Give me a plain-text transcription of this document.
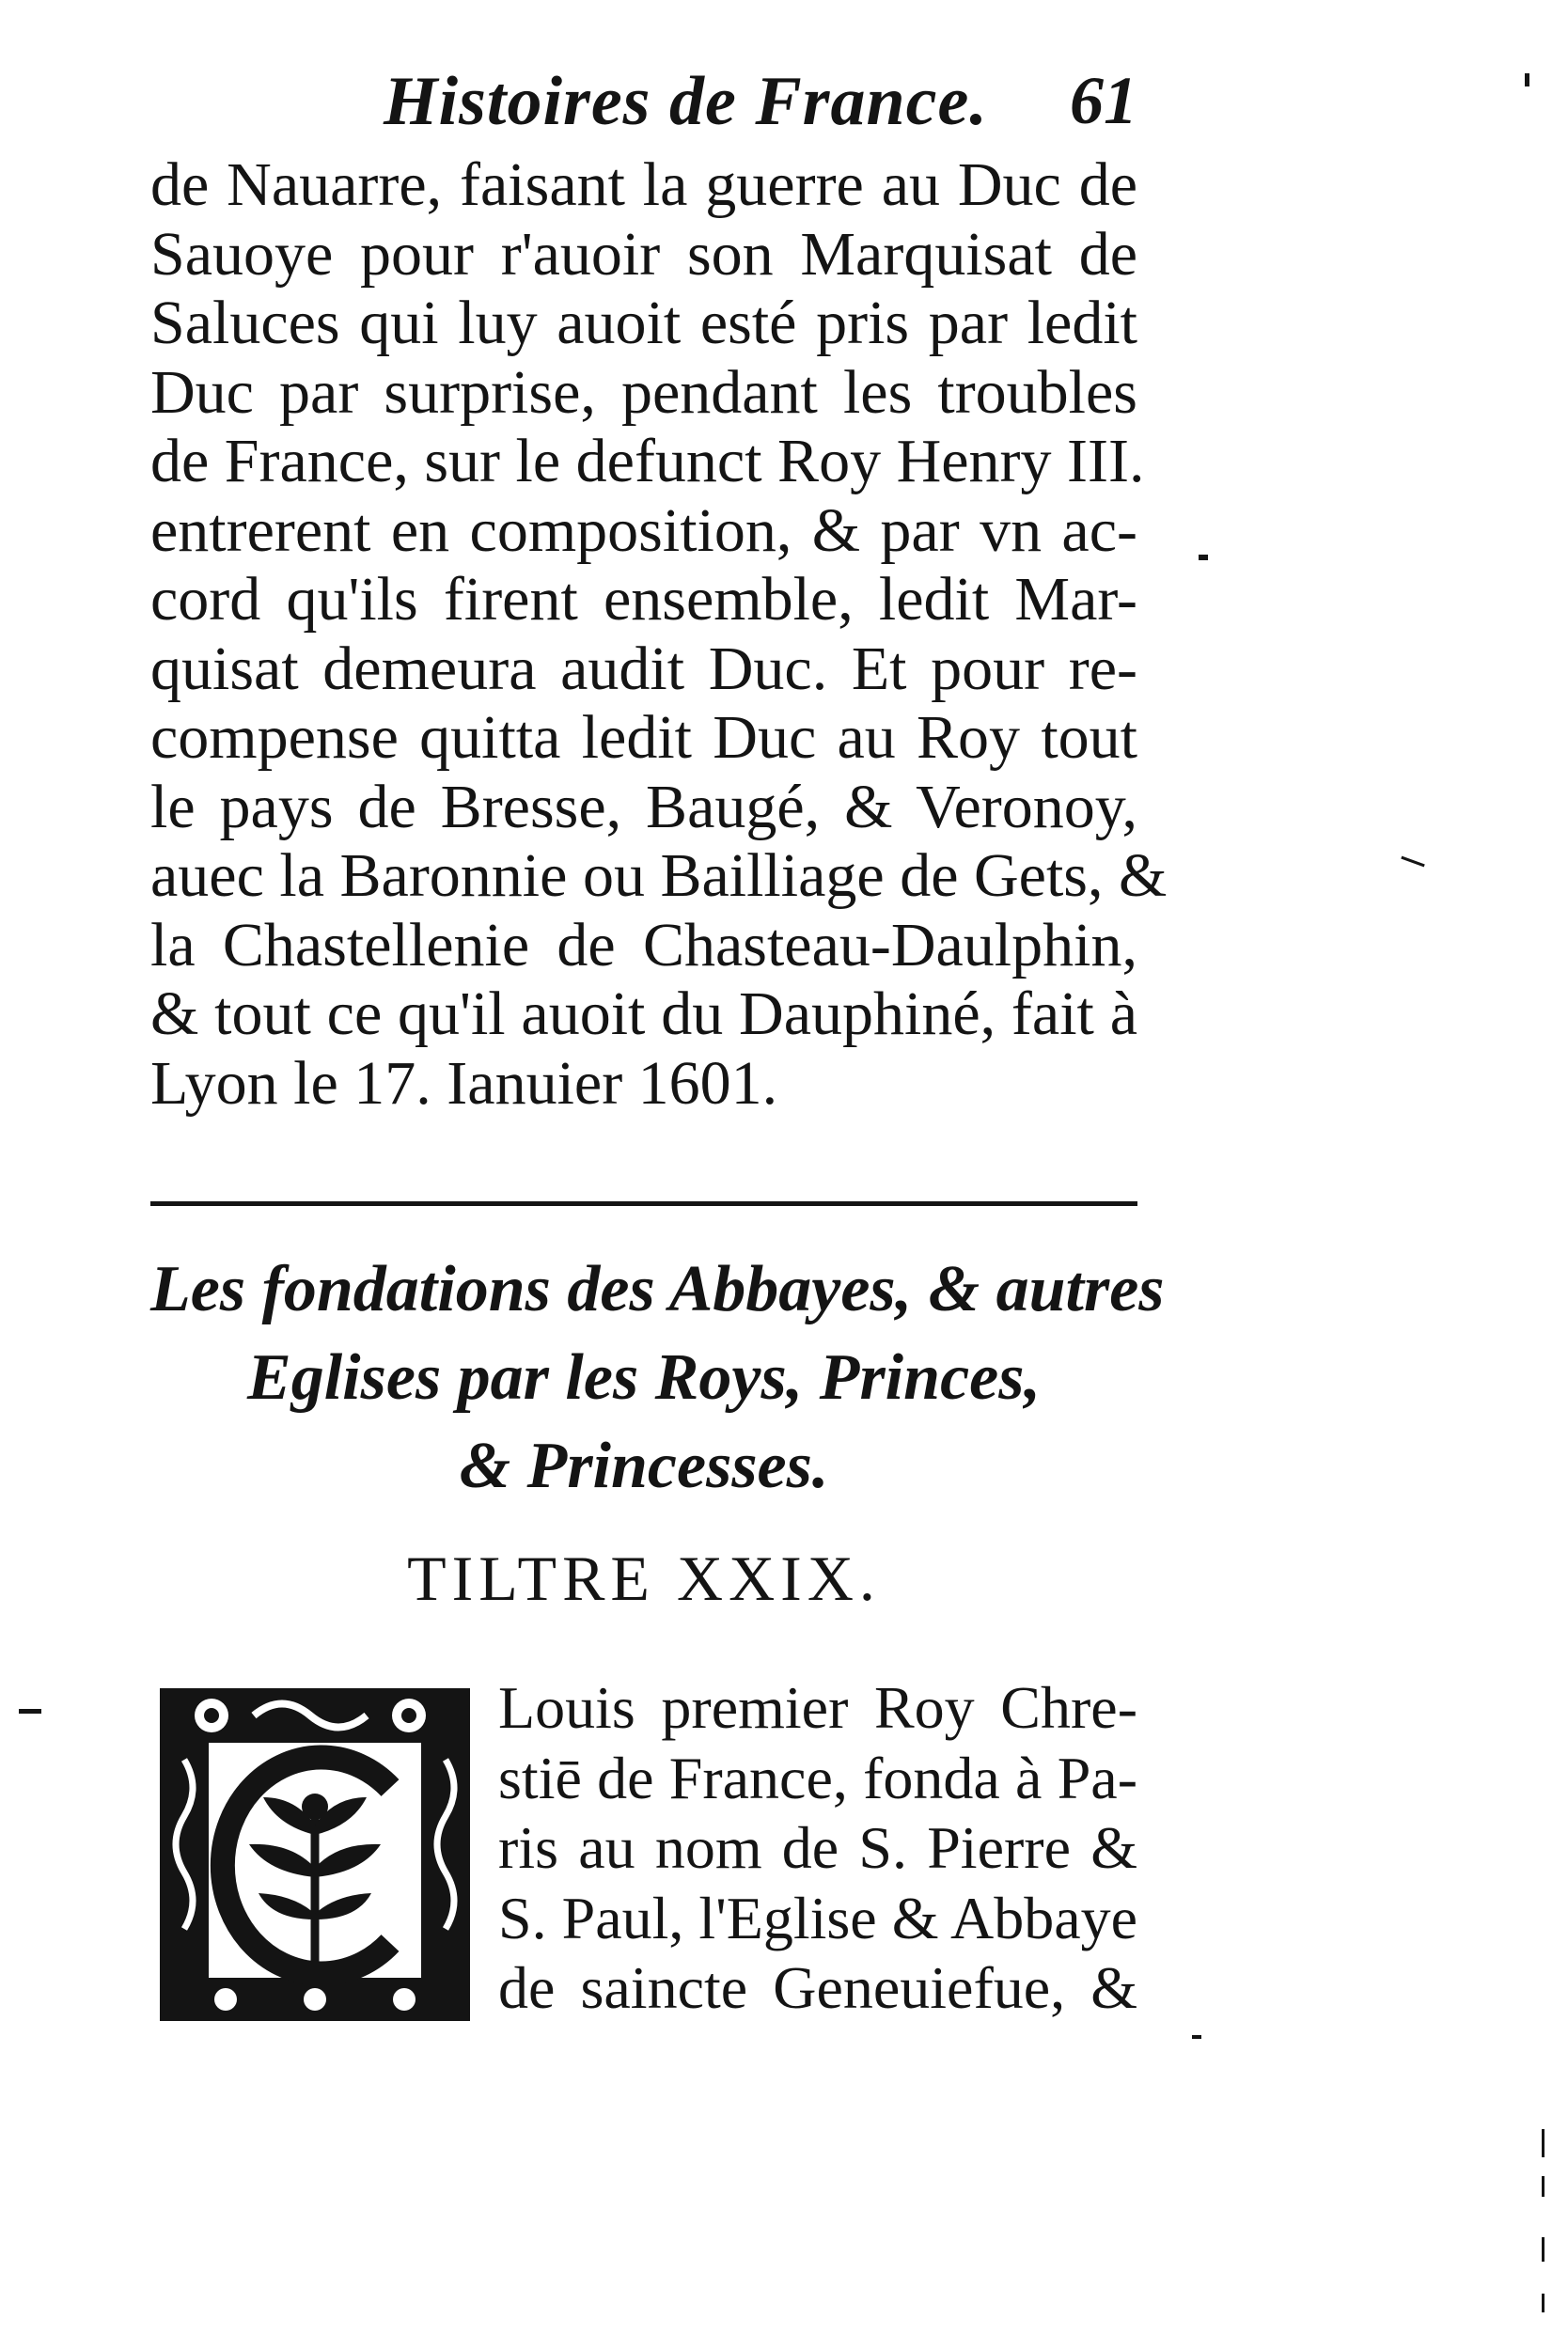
Histoires de France. 61
de Nauarre, faisant la guerre au Duc de
Sauoye pour r'auoir son Marquisat de
Saluces qui luy auoit esté pris par ledit
Duc par surprise, pendant les troubles
de France, sur le defunct Roy Henry III.
entrerent en composition, & par vn ac-
cord qu'ils firent ensemble, ledit Mar-
quisat demeura audit Duc. Et pour re-
compense quitta ledit Duc au Roy tout
le pays de Bresse, Baugé, & Veronoy,
auec la Baronnie ou Bailliage de Gets, &
la Chastellenie de Chasteau-Daulphin,
& tout ce qu'il auoit du Dauphiné, fait à
Lyon le 17. Ianuier 1601.
Les fondations des Abbayes, & autres
Eglises par les Roys, Princes,
& Princesses.
TILTRE XXIX.
Louis premier Roy Chre-
stiē de France, fonda à Pa-
ris au nom de S. Pierre &
S. Paul, l'Eglise & Abbaye
de saincte Geneuiefue, &
